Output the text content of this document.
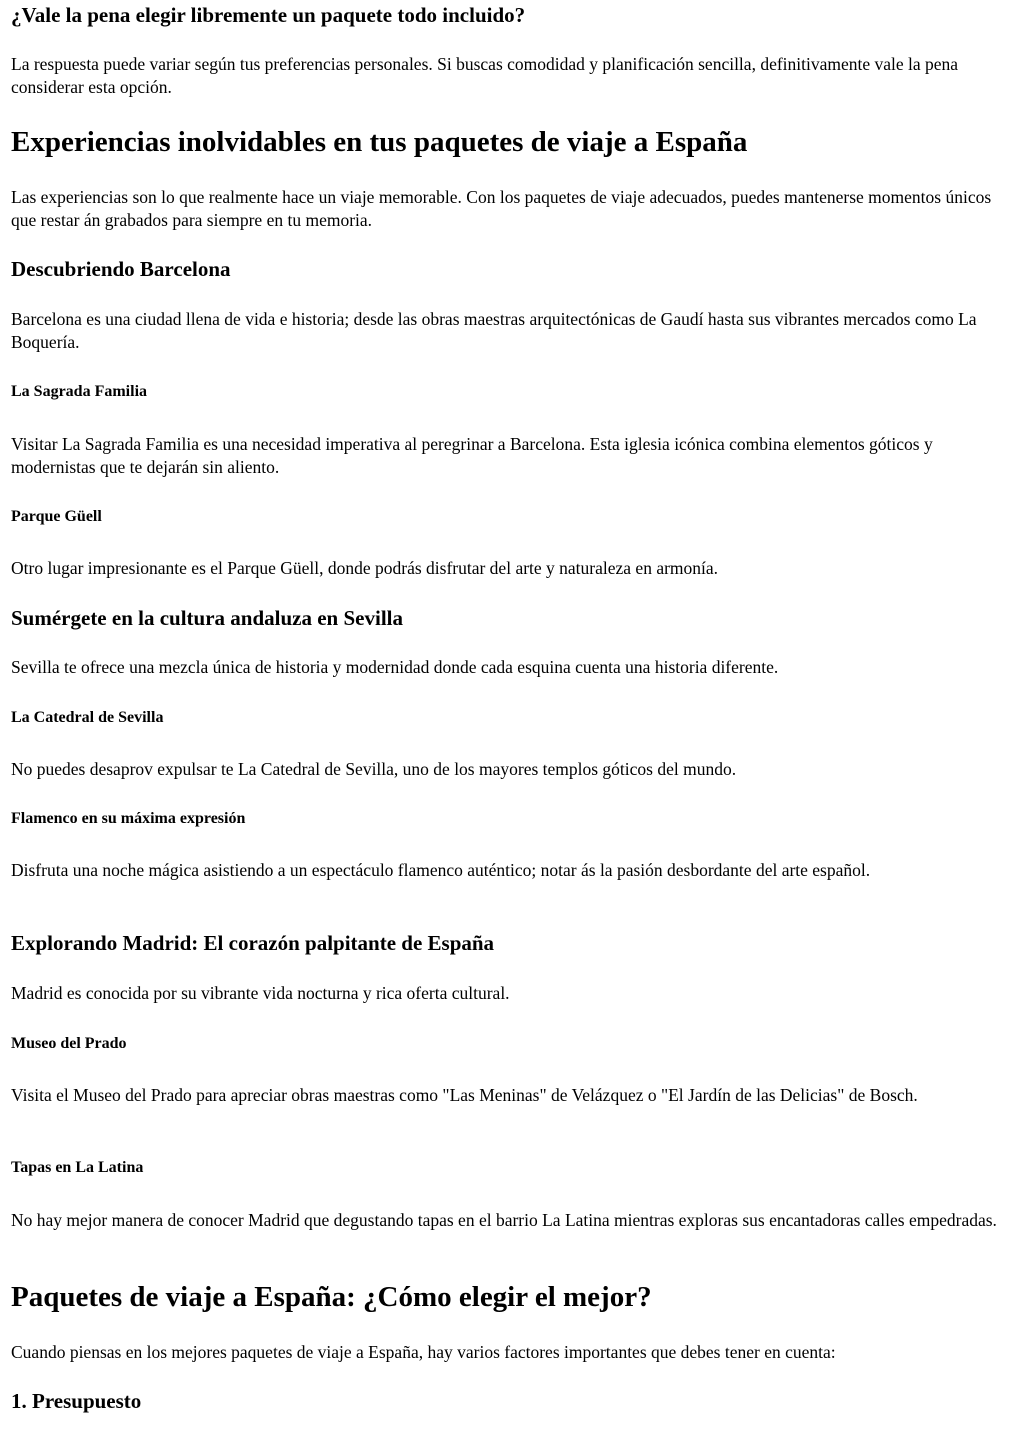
¿Vale la pena elegir libremente un paquete todo incluido?

La respuesta puede variar según tus preferencias personales. Si buscas comodidad y planificación sencilla, definitivamente vale la pena considerar esta opción.

Experiencias inolvidables en tus paquetes de viaje a España

Las experiencias son lo que realmente hace un viaje memorable. Con los paquetes de viaje adecuados, puedes mantenerse momentos únicos que restar án grabados para siempre en tu memoria.

Descubriendo Barcelona

Barcelona es una ciudad llena de vida e historia; desde las obras maestras arquitectónicas de Gaudí hasta sus vibrantes mercados como La Boquería.

La Sagrada Familia

Visitar La Sagrada Familia es una necesidad imperativa al peregrinar a Barcelona. Esta iglesia icónica combina elementos góticos y modernistas que te dejarán sin aliento.

Parque Güell

Otro lugar impresionante es el Parque Güell, donde podrás disfrutar del arte y naturaleza en armonía.

Sumérgete en la cultura andaluza en Sevilla

Sevilla te ofrece una mezcla única de historia y modernidad donde cada esquina cuenta una historia diferente.

La Catedral de Sevilla

No puedes desaprov expulsar te La Catedral de Sevilla, uno de los mayores templos góticos del mundo.

Flamenco en su máxima expresión

Disfruta una noche mágica asistiendo a un espectáculo flamenco auténtico; notar ás la pasión desbordante del arte español.

Explorando Madrid: El corazón palpitante de España

Madrid es conocida por su vibrante vida nocturna y rica oferta cultural.

Museo del Prado

Visita el Museo del Prado para apreciar obras maestras como "Las Meninas" de Velázquez o "El Jardín de las Delicias" de Bosch.

Tapas en La Latina

No hay mejor manera de conocer Madrid que degustando tapas en el barrio La Latina mientras exploras sus encantadoras calles empedradas.

Paquetes de viaje a España: ¿Cómo elegir el mejor?

Cuando piensas en los mejores paquetes de viaje a España, hay varios factores importantes que debes tener en cuenta:

1. Presupuesto
